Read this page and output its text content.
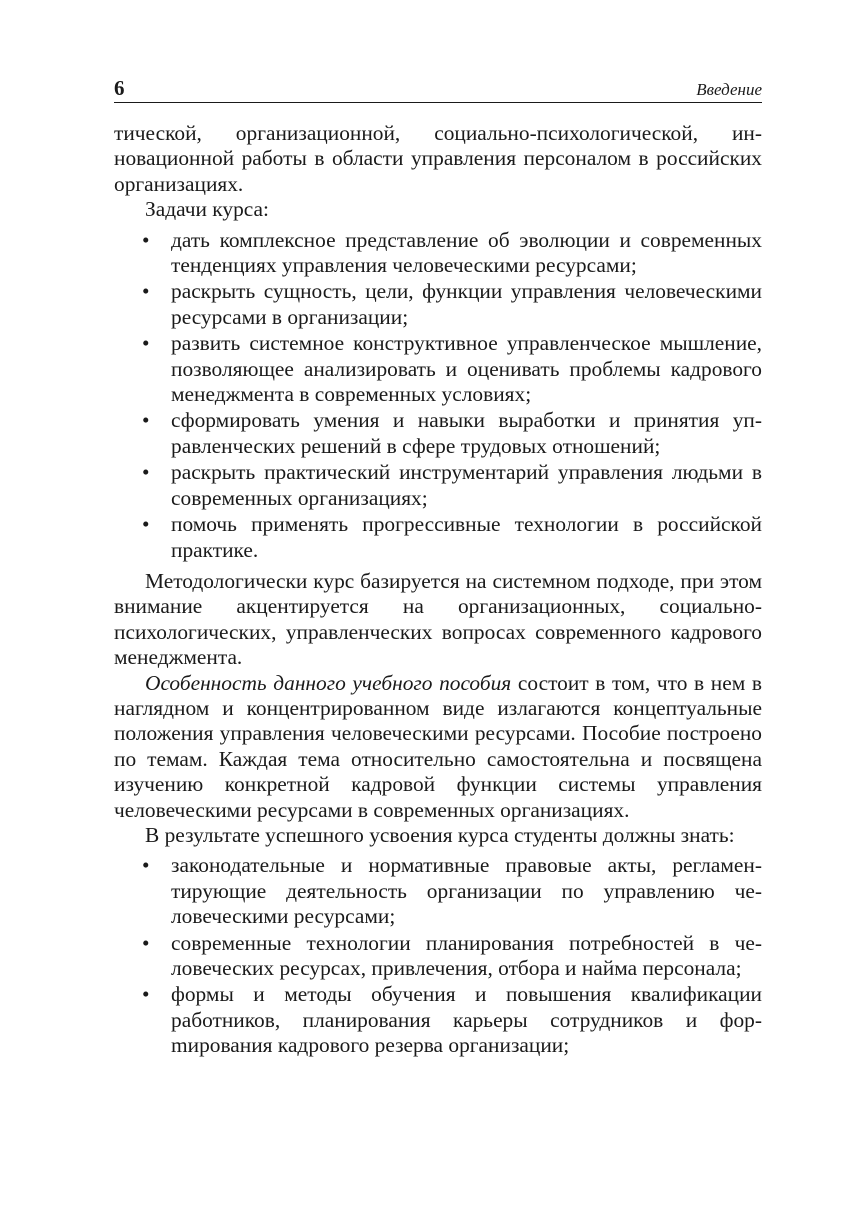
6	Введение

тической, организационной, социально-психологической, инновационной работы в области управления персоналом в российских организациях.

Задачи курса:

• дать комплексное представление об эволюции и современных тенденциях управления человеческими ресурсами;
• раскрыть сущность, цели, функции управления человеческими ресурсами в организации;
• развить системное конструктивное управленческое мышление, позволяющее анализировать и оценивать проблемы кадрового менеджмента в современных условиях;
• сформировать умения и навыки выработки и принятия управленческих решений в сфере трудовых отношений;
• раскрыть практический инструментарий управления людьми в современных организациях;
• помочь применять прогрессивные технологии в российской практике.

Методологически курс базируется на системном подходе, при этом внимание акцентируется на организационных, социально-психологических, управленческих вопросах современного кадрового менеджмента.

Особенность данного учебного пособия состоит в том, что в нем в наглядном и концентрированном виде излагаются концептуальные положения управления человеческими ресурсами. Пособие построено по темам. Каждая тема относительно самостоятельна и посвящена изучению конкретной кадровой функции системы управления человеческими ресурсами в современных организациях.

В результате успешного усвоения курса студенты должны знать:

• законодательные и нормативные правовые акты, регламентирующие деятельность организации по управлению человеческими ресурсами;
• современные технологии планирования потребностей в человеческих ресурсах, привлечения, отбора и найма персонала;
• формы и методы обучения и повышения квалификации работников, планирования карьеры сотрудников и форmирования кадрового резерва организации;
